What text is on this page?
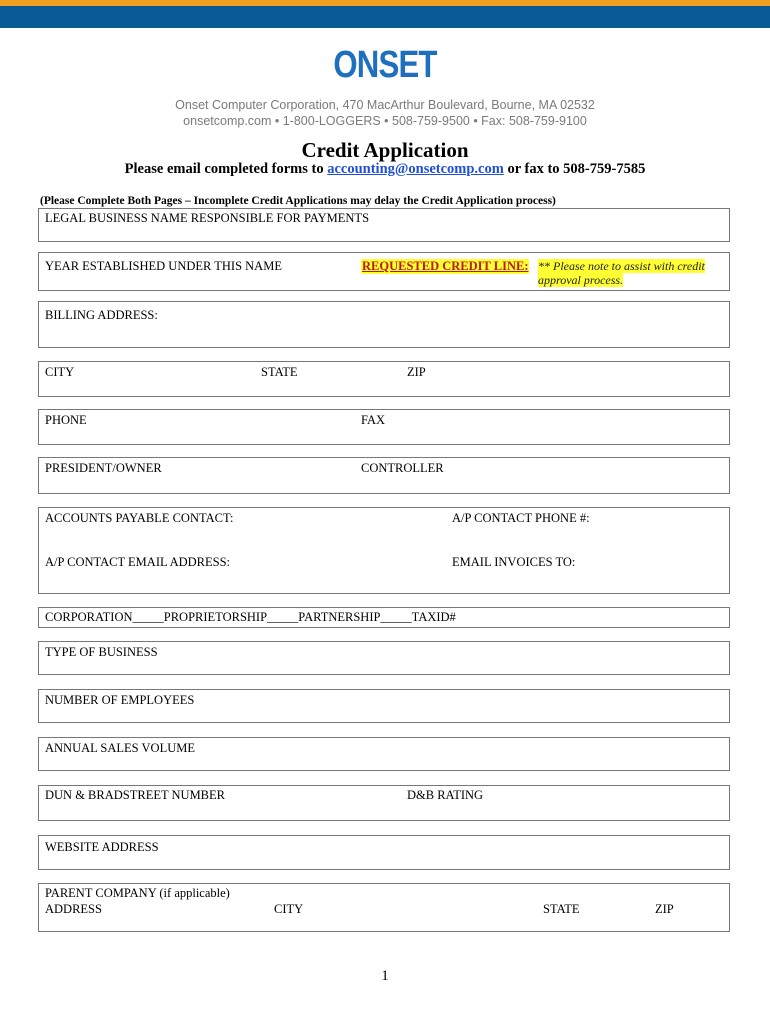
ONSET
Onset Computer Corporation, 470 MacArthur Boulevard, Bourne, MA 02532
onsetcomp.com • 1-800-LOGGERS • 508-759-9500 • Fax: 508-759-9100
Credit Application
Please email completed forms to accounting@onsetcomp.com or fax to 508-759-7585
(Please Complete Both Pages – Incomplete Credit Applications may delay the Credit Application process)
LEGAL BUSINESS NAME RESPONSIBLE FOR PAYMENTS
YEAR ESTABLISHED UNDER THIS NAME	REQUESTED CREDIT LINE: ** Please note to assist with credit
approval process.
BILLING ADDRESS:
CITY	STATE	ZIP
PHONE	FAX
PRESIDENT/OWNER	CONTROLLER
ACCOUNTS PAYABLE CONTACT:	A/P CONTACT PHONE #:
A/P CONTACT EMAIL ADDRESS:	EMAIL INVOICES TO:
CORPORATION_____PROPRIETORSHIP_____PARTNERSHIP_____TAXID#
TYPE OF BUSINESS
NUMBER OF EMPLOYEES
ANNUAL SALES VOLUME
DUN & BRADSTREET NUMBER	D&B RATING
WEBSITE ADDRESS
PARENT COMPANY (if applicable)
ADDRESS	CITY	STATE	ZIP
1
